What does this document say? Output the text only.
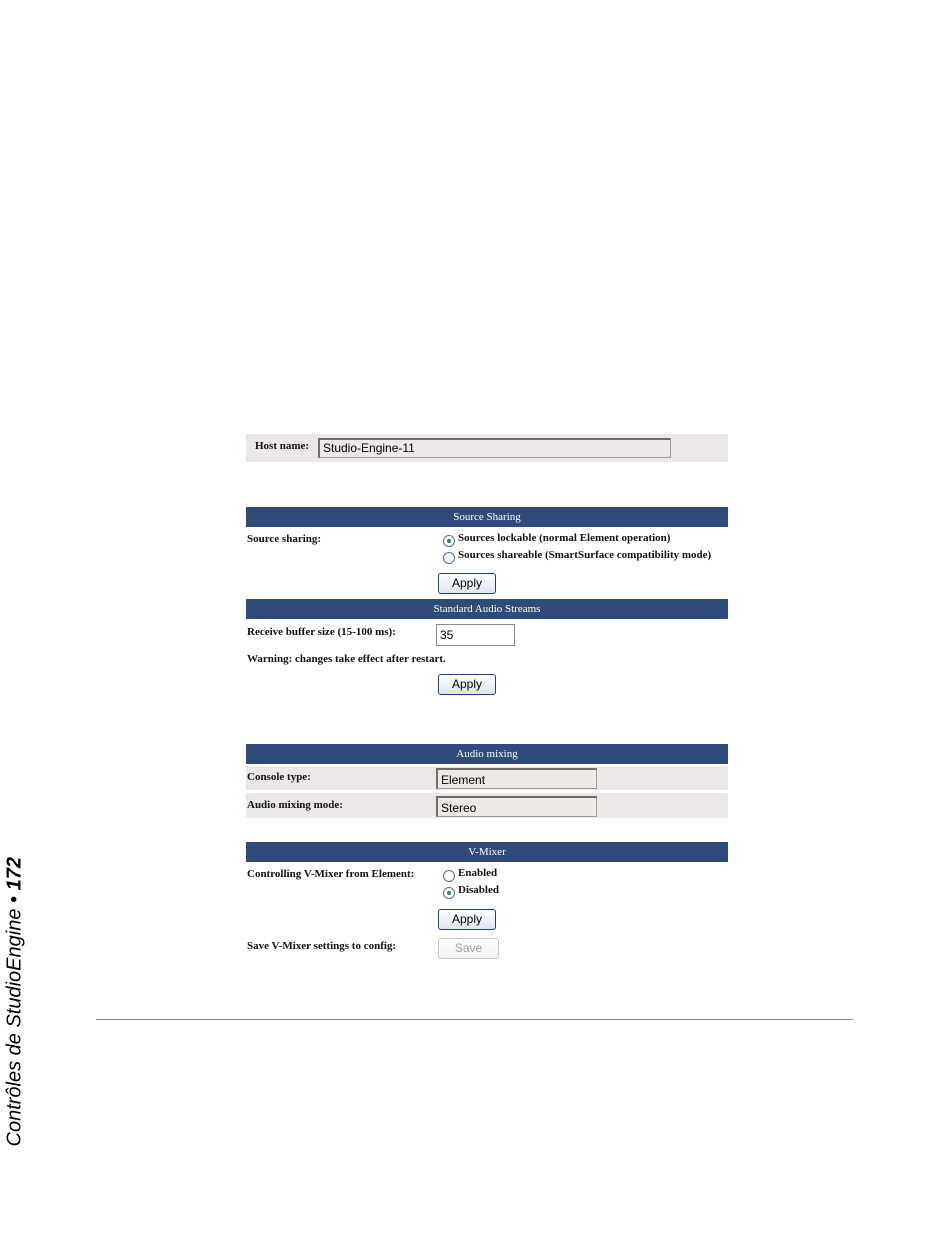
Host name:	Studio-Engine-11
Source Sharing
Source sharing:	Sources lockable (normal Element operation)
Sources shareable (SmartSurface compatibility mode)
Apply
Standard Audio Streams
Receive buffer size (15-100 ms):	35
Warning: changes take effect after restart.
Apply
Audio mixing
Console type:	Element
Audio mixing mode:	Stereo
V-Mixer
Controlling V-Mixer from Element:	Enabled
Disabled
Apply
Save V-Mixer settings to config:	Save
Contrôles de StudioEngine • 172
